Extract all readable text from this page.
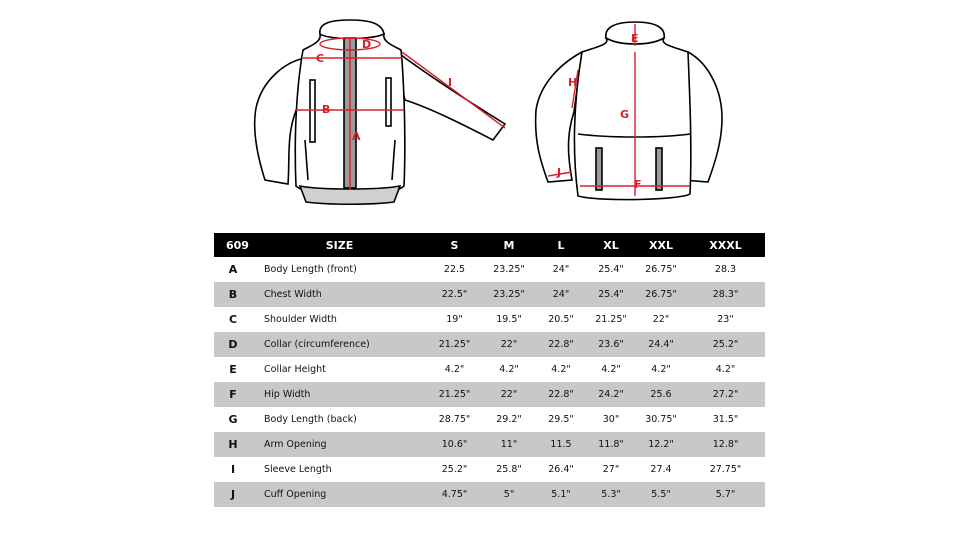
A
B
C
D
I
E
F
G
H
J
609	SIZE	S	M	L	XL	XXL	XXXL
A	Body Length (front)	22.5	23.25"	24"	25.4"	26.75"	28.3
B	Chest Width	22.5"	23.25"	24"	25.4"	26.75"	28.3"
C	Shoulder Width	19"	19.5"	20.5"	21.25"	22"	23"
D	Collar (circumference)	21.25"	22"	22.8"	23.6"	24.4"	25.2"
E	Collar Height	4.2"	4.2"	4.2"	4.2"	4.2"	4.2"
F	Hip Width	21.25"	22"	22.8"	24.2"	25.6	27.2"
G	Body Length (back)	28.75"	29.2"	29.5"	30"	30.75"	31.5"
H	Arm Opening	10.6"	11"	11.5	11.8"	12.2"	12.8"
I	Sleeve Length	25.2"	25.8"	26.4"	27"	27.4	27.75"
J	Cuff Opening	4.75"	5"	5.1"	5.3"	5.5"	5.7"
